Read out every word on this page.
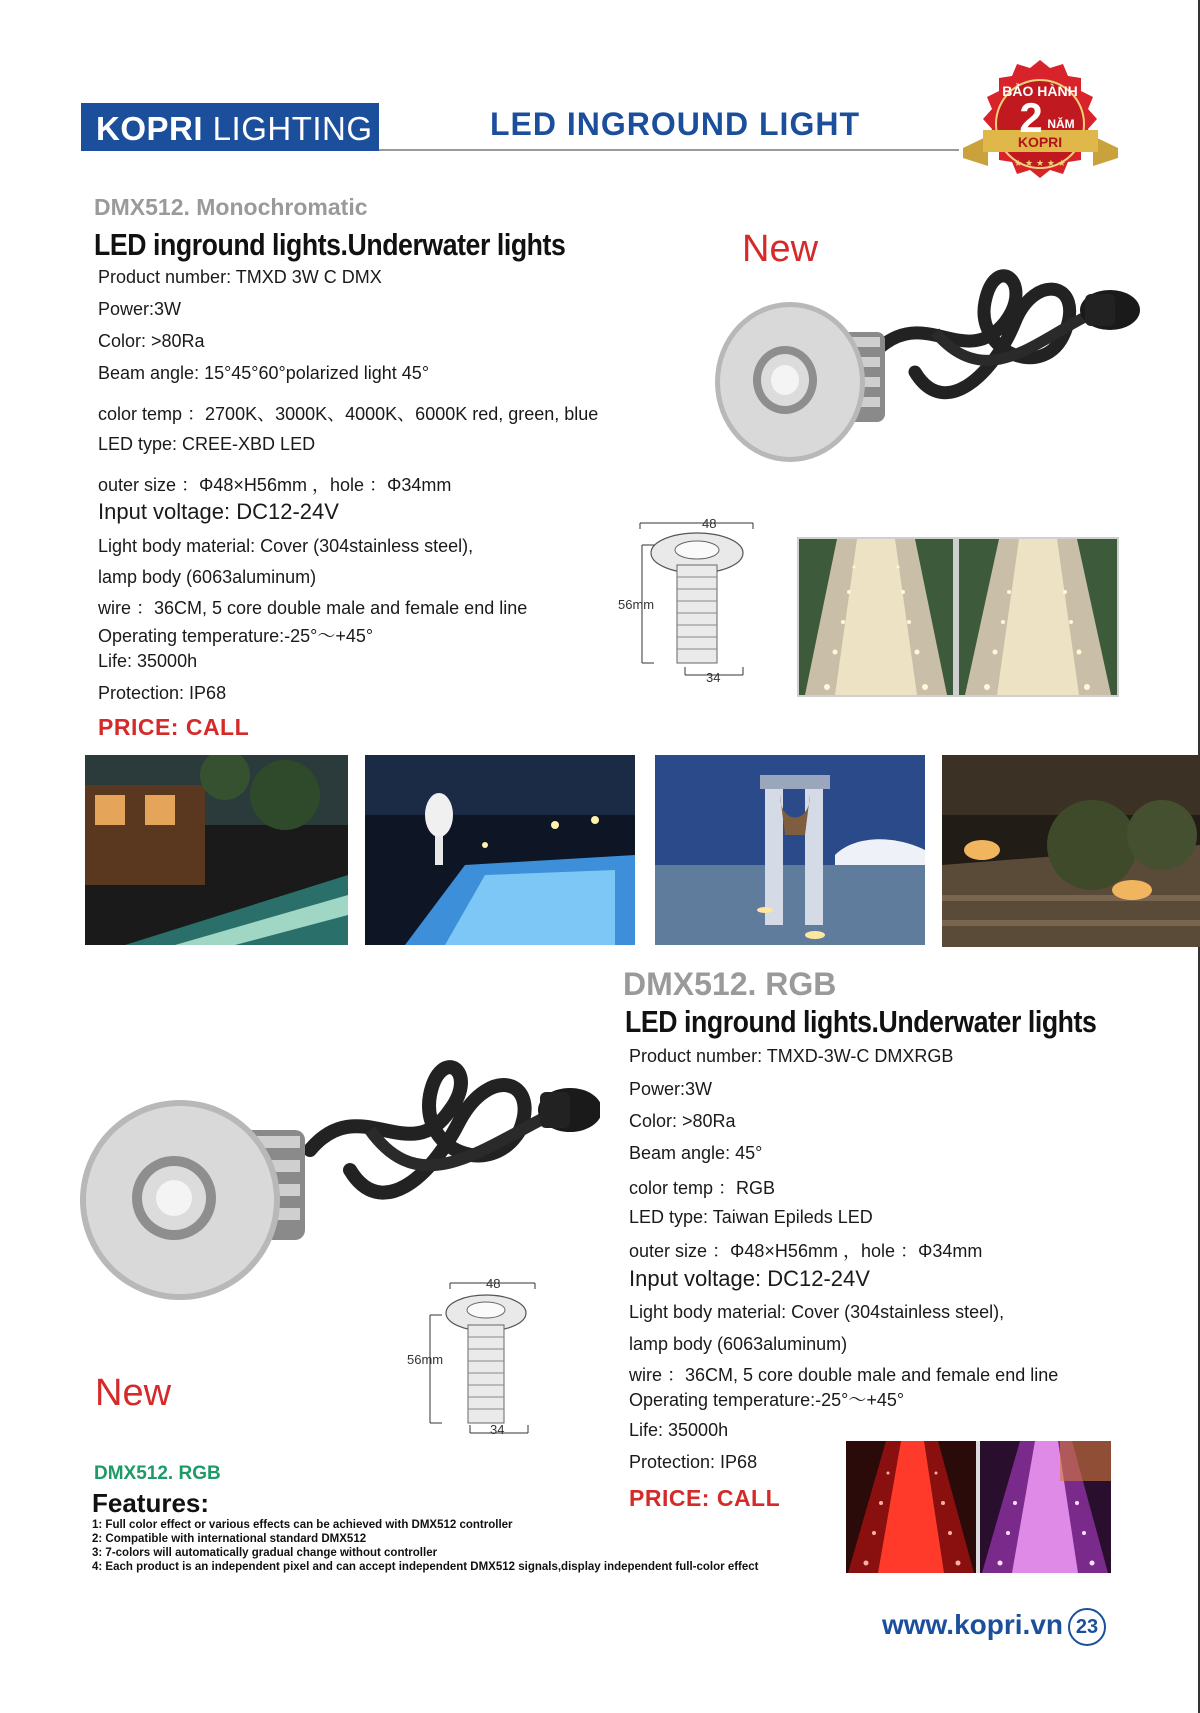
KOPRI LIGHTING	LED INGROUND LIGHT
BẢO HÀNH
2 NĂM
KOPRI
★ ★ ★ ★ ★
DMX512. Monochromatic
LED inground lights.Underwater lights
Product number: TMXD 3W C DMX
Power:3W
Color: >80Ra
Beam angle: 15°45°60°polarized light 45°
color temp ：2700K、3000K、4000K、6000K red, green, blue
LED type: CREE-XBD LED
outer size ：Φ48×H56mm ，hole ：Φ34mm
Input voltage: DC12-24V
Light body material: Cover (304stainless steel),
lamp body (6063aluminum)
wire ：36CM, 5 core double male and female end line
Operating temperature:-25°～+45°
Life: 35000h
Protection: IP68
PRICE: CALL
New
48
56mm
34
DMX512. RGB
LED inground lights.Underwater lights
Product number: TMXD-3W-C DMXRGB
Power:3W
Color: >80Ra
Beam angle: 45°
color temp ：RGB
LED type: Taiwan Epileds LED
outer size ：Φ48×H56mm ，hole ：Φ34mm
Input voltage: DC12-24V
Light body material: Cover (304stainless steel),
lamp body (6063aluminum)
wire ：36CM, 5 core double male and female end line
Operating temperature:-25°～+45°
Life: 35000h
Protection: IP68
PRICE: CALL
48
56mm
34
New
DMX512. RGB
Features:
1: Full color effect or various effects can be achieved with DMX512 controller
2: Compatible with international standard DMX512
3: 7-colors will automatically gradual change without controller
4: Each product is an independent pixel and can accept independent DMX512 signals,display independent full-color effect
www.kopri.vn 23
